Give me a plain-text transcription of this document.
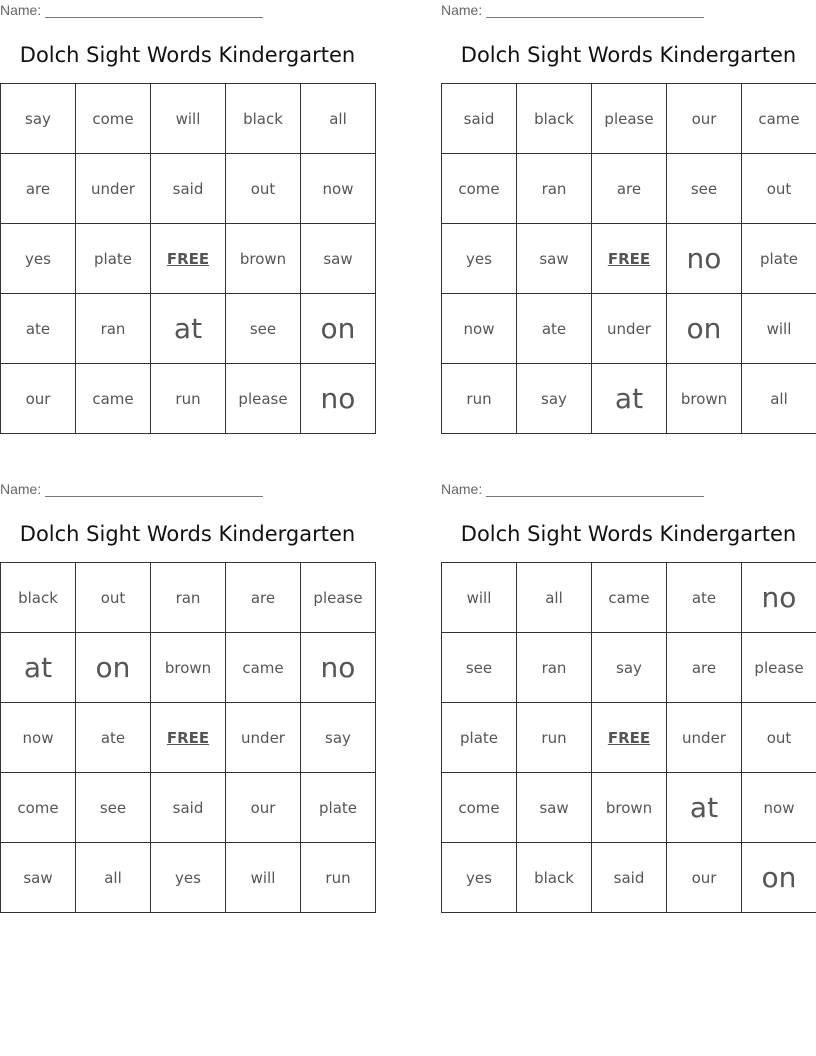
Name:
Dolch Sight Words Kindergarten
say	come	will	black	all
are	under	said	out	now
yes	plate	FREE	brown	saw
ate	ran	at	see	on
our	came	run	please	no
Name:
Dolch Sight Words Kindergarten
said	black	please	our	came
come	ran	are	see	out
yes	saw	FREE	no	plate
now	ate	under	on	will
run	say	at	brown	all
Name:
Dolch Sight Words Kindergarten
black	out	ran	are	please
at	on	brown	came	no
now	ate	FREE	under	say
come	see	said	our	plate
saw	all	yes	will	run
Name:
Dolch Sight Words Kindergarten
will	all	came	ate	no
see	ran	say	are	please
plate	run	FREE	under	out
come	saw	brown	at	now
yes	black	said	our	on
